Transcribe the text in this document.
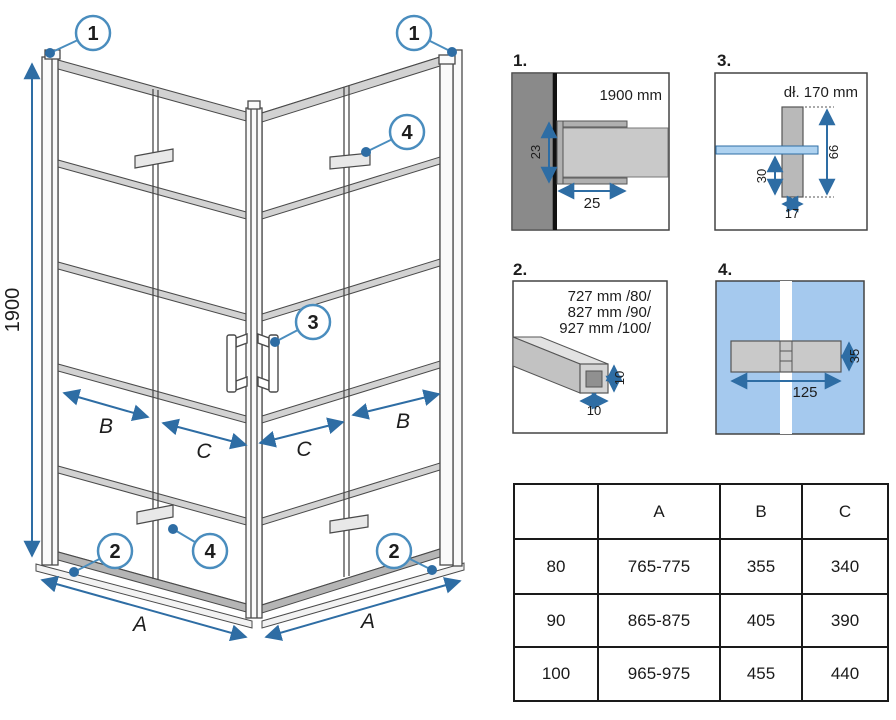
1900
A	A
B
C	C
B
1	1
4
3
4
2	2
1.
1900 mm
23
25
3.
dł. 170 mm
66
30
17
2.
727 mm /80/
827 mm /90/
927 mm /100/
10
10
4.
35
125
	A	B	C
80	765-775	355	340
90	865-875	405	390
100	965-975	455	440
